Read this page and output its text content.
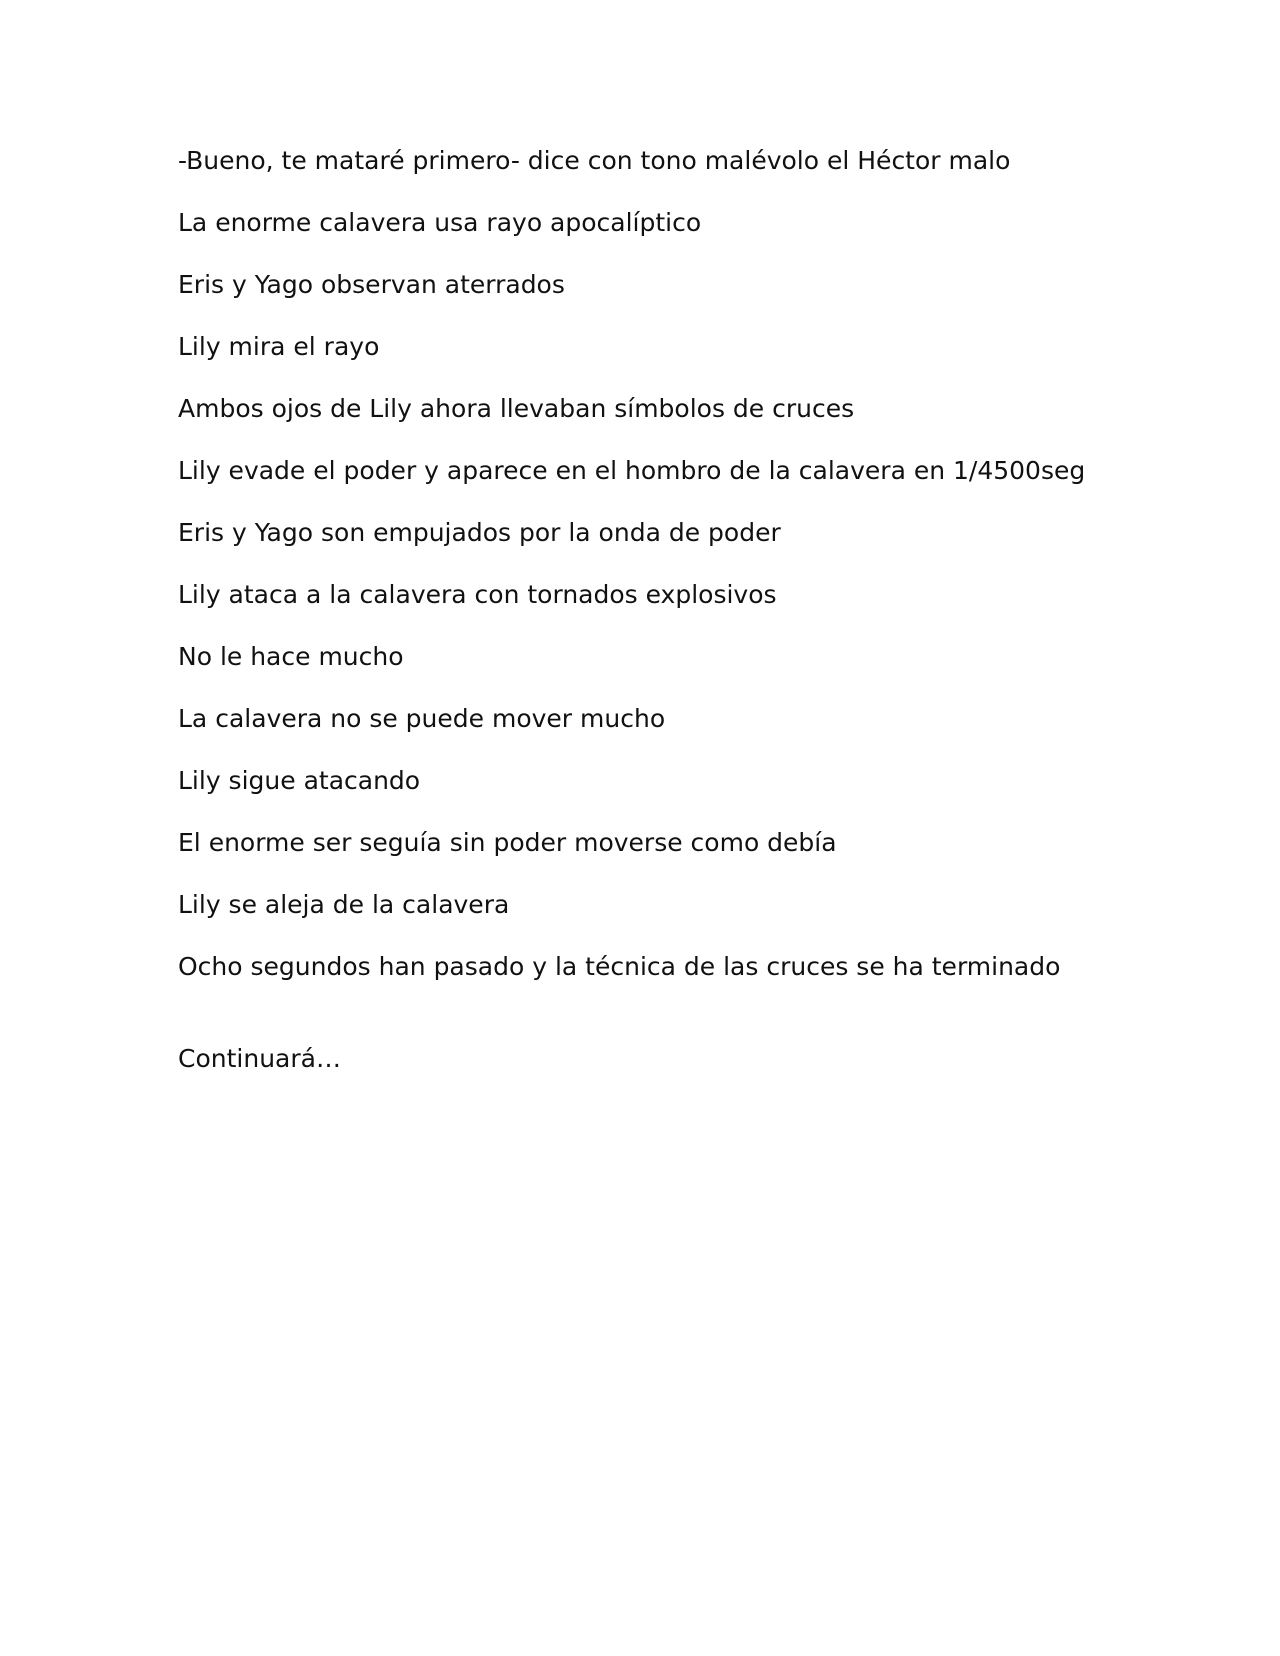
-Bueno, te mataré primero- dice con tono malévolo el Héctor malo
La enorme calavera usa rayo apocalíptico
Eris y Yago observan aterrados
Lily mira el rayo
Ambos ojos de Lily ahora llevaban símbolos de cruces
Lily evade el poder y aparece en el hombro de la calavera en 1/4500seg
Eris y Yago son empujados por la onda de poder
Lily ataca a la calavera con tornados explosivos
No le hace mucho
La calavera no se puede mover mucho
Lily sigue atacando
El enorme ser seguía sin poder moverse como debía
Lily se aleja de la calavera
Ocho segundos han pasado y la técnica de las cruces se ha terminado
Continuará…
